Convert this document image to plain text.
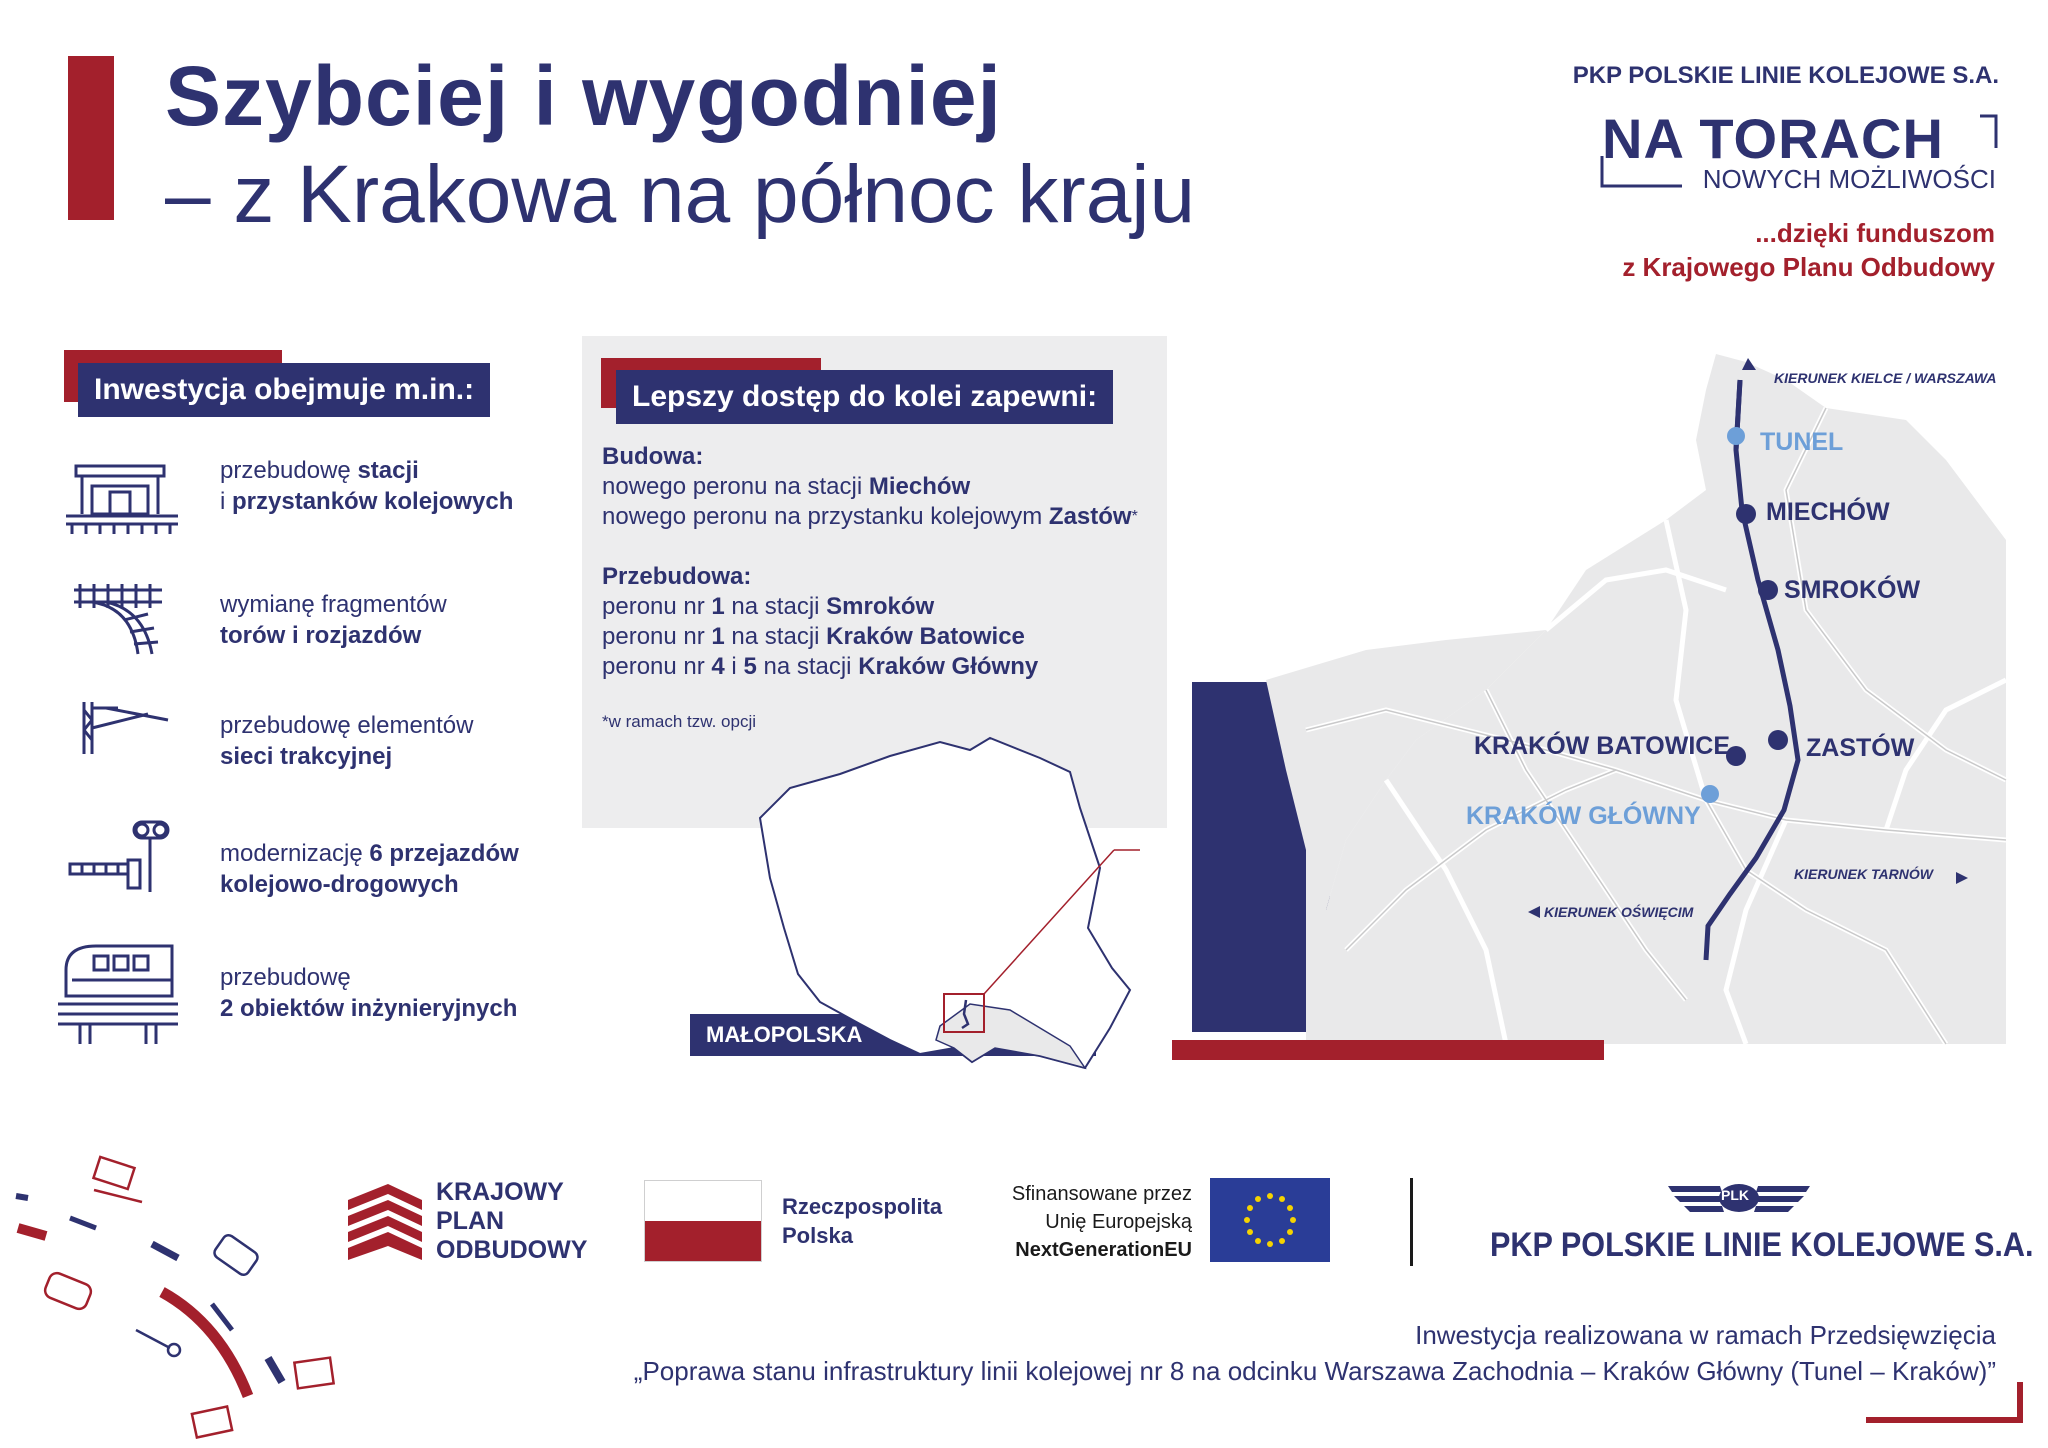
Szybciej i wygodniej
– z Krakowa na północ kraju
PKP POLSKIE LINIE KOLEJOWE S.A.
NA TORACH
NOWYCH MOŻLIWOŚCI
...dzięki funduszom
z Krajowego Planu Odbudowy
Inwestycja obejmuje m.in.:
przebudowę stacji
i przystanków kolejowych
wymianę fragmentów
torów i rozjazdów
przebudowę elementów
sieci trakcyjnej
modernizację 6 przejazdów
kolejowo-drogowych
przebudowę
2 obiektów inżynieryjnych
Lepszy dostęp do kolei zapewni:
Budowa:
nowego peronu na stacji Miechów
nowego peronu na przystanku kolejowym Zastów*
Przebudowa:
peronu nr 1 na stacji Smroków
peronu nr 1 na stacji Kraków Batowice
peronu nr 4 i 5 na stacji Kraków Główny
*w ramach tzw. opcji
MAŁOPOLSKA
TUNEL
MIECHÓW
SMROKÓW
ZASTÓW
KRAKÓW BATOWICE
KRAKÓW GŁÓWNY
KIERUNEK KIELCE / WARSZAWA
KIERUNEK TARNÓW
KIERUNEK OŚWIĘCIM
KRAJOWY
PLAN
ODBUDOWY
Rzeczpospolita
Polska
Sfinansowane przez
Unię Europejską
NextGenerationEU
PLK
PKP POLSKIE LINIE KOLEJOWE S.A.
Inwestycja realizowana w ramach Przedsięwzięcia
„Poprawa stanu infrastruktury linii kolejowej nr 8 na odcinku Warszawa Zachodnia – Kraków Główny (Tunel – Kraków)”
